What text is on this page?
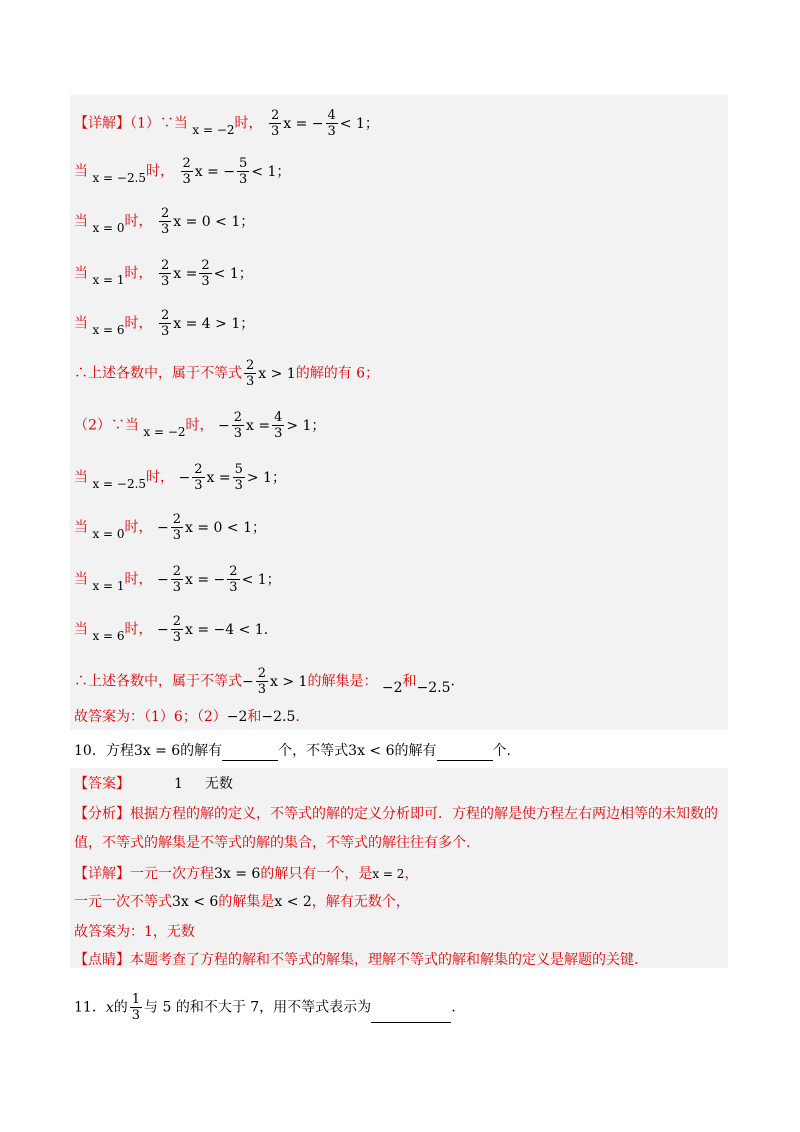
【详解】（1）∵当 x = −2时， $\frac{2}{3}$ x = − $\frac{4}{3} < 1$；
当 x = −2.5时， $\frac{2}{3}$ x = − $\frac{5}{3} < 1$；
当 x = 0时， $\frac{2}{3}$ x = 0 < 1；
当 x = 1时， $\frac{2}{3}$ $x = \frac{2}{3} < 1$；
当 x = 6时， $\frac{2}{3}$ x = 4 > 1；
∴上述各数中，属于不等式 $\frac{2}{3}$ x > 1的解的有 6；
（2）∵当 x = −2时， − $\frac{2}{3}$ $x = \frac{4}{3} > 1$；
当 x = −2.5时， − $\frac{2}{3}$ $x = \frac{5}{3} > 1$；
当 x = 0时， − $\frac{2}{3}$ x = 0 < 1；
当 x = 1时， − $\frac{2}{3}$ x = − $\frac{2}{3} < 1$；
当 x = 6时， − $\frac{2}{3}$ x = −4 < 1.
∴上述各数中，属于不等式− $\frac{2}{3}$ x > 1的解集是： −2和−2.5.
故答案为：（1）6；（2）−2和−2.5.
10．方程3x = 6的解有	个，不等式3x < 6的解有	个.
【答案】	1 无数
【分析】根据方程的解的定义，不等式的解的定义分析即可．方程的解是使方程左右两边相等的未知数的
值，不等式的解集是不等式的解的集合，不等式的解往往有多个.
【详解】一元一次方程3x = 6的解只有一个，是x = 2，
一元一次不等式3x < 6的解集是x < 2，解有无数个，
故答案为：1，无数
【点睛】本题考查了方程的解和不等式的解集，理解不等式的解和解集的定义是解题的关键.
11．x的 $\frac{1}{3}$ 与 5 的和不大于 7，用不等式表示为	.
